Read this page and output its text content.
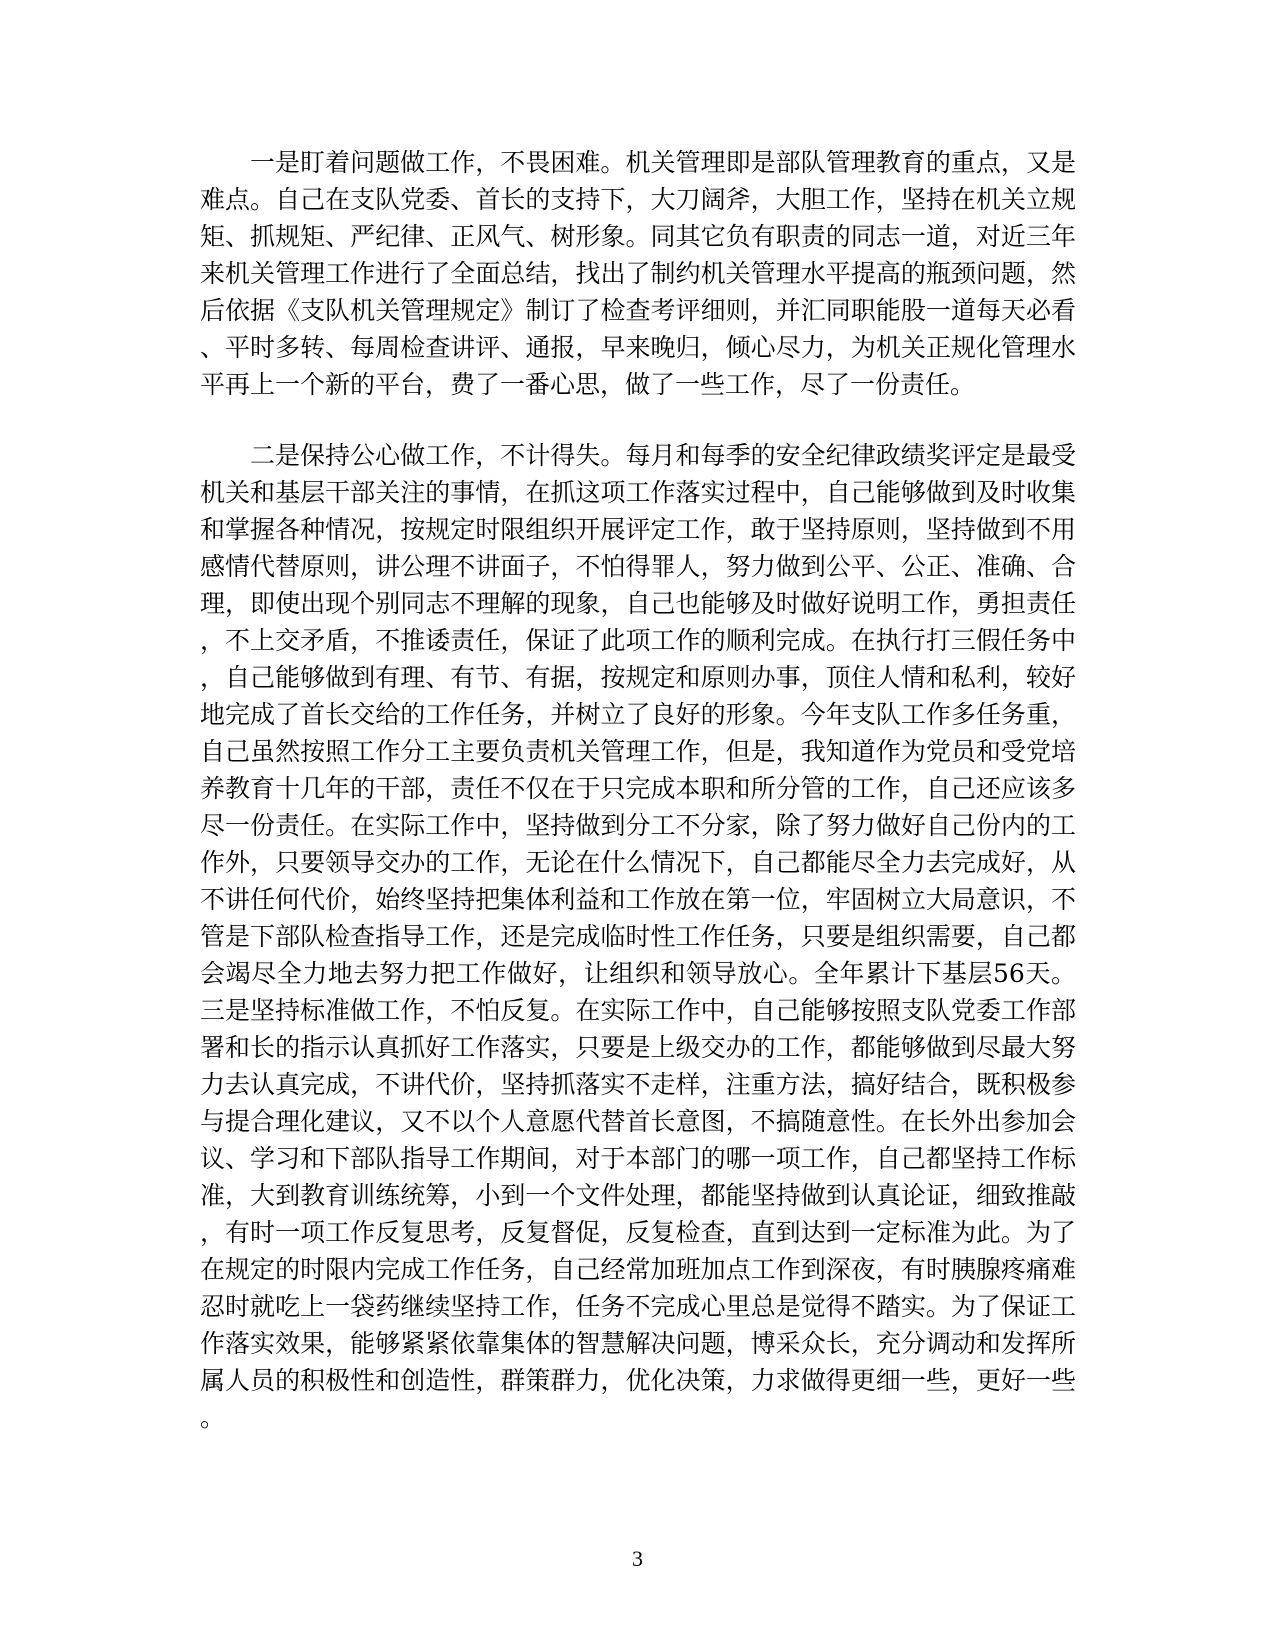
一是盯着问题做工作，不畏困难。机关管理即是部队管理教育的重点，又是难点。自己在支队党委、首长的支持下，大刀阔斧，大胆工作，坚持在机关立规矩、抓规矩、严纪律、正风气、树形象。同其它负有职责的同志一道，对近三年来机关管理工作进行了全面总结，找出了制约机关管理水平提高的瓶颈问题，然后依据《支队机关管理规定》制订了检查考评细则，并汇同职能股一道每天必看、平时多转、每周检查讲评、通报，早来晚归，倾心尽力，为机关正规化管理水平再上一个新的平台，费了一番心思，做了一些工作，尽了一份责任。

二是保持公心做工作，不计得失。每月和每季的安全纪律政绩奖评定是最受机关和基层干部关注的事情，在抓这项工作落实过程中，自己能够做到及时收集和掌握各种情况，按规定时限组织开展评定工作，敢于坚持原则，坚持做到不用感情代替原则，讲公理不讲面子，不怕得罪人，努力做到公平、公正、准确、合理，即使出现个别同志不理解的现象，自己也能够及时做好说明工作，勇担责任，不上交矛盾，不推诿责任，保证了此项工作的顺利完成。在执行打三假任务中，自己能够做到有理、有节、有据，按规定和原则办事，顶住人情和私利，较好地完成了首长交给的工作任务，并树立了良好的形象。今年支队工作多任务重，自己虽然按照工作分工主要负责机关管理工作，但是，我知道作为党员和受党培养教育十几年的干部，责任不仅在于只完成本职和所分管的工作，自己还应该多尽一份责任。在实际工作中，坚持做到分工不分家，除了努力做好自己份内的工作外，只要领导交办的工作，无论在什么情况下，自己都能尽全力去完成好，从不讲任何代价，始终坚持把集体利益和工作放在第一位，牢固树立大局意识，不管是下部队检查指导工作，还是完成临时性工作任务，只要是组织需要，自己都会竭尽全力地去努力把工作做好，让组织和领导放心。全年累计下基层56天。三是坚持标准做工作，不怕反复。在实际工作中，自己能够按照支队党委工作部署和长的指示认真抓好工作落实，只要是上级交办的工作，都能够做到尽最大努力去认真完成，不讲代价，坚持抓落实不走样，注重方法，搞好结合，既积极参与提合理化建议，又不以个人意愿代替首长意图，不搞随意性。在长外出参加会议、学习和下部队指导工作期间，对于本部门的哪一项工作，自己都坚持工作标准，大到教育训练统筹，小到一个文件处理，都能坚持做到认真论证，细致推敲，有时一项工作反复思考，反复督促，反复检查，直到达到一定标准为此。为了在规定的时限内完成工作任务，自己经常加班加点工作到深夜，有时胰腺疼痛难忍时就吃上一袋药继续坚持工作，任务不完成心里总是觉得不踏实。为了保证工作落实效果，能够紧紧依靠集体的智慧解决问题，博采众长，充分调动和发挥所属人员的积极性和创造性，群策群力，优化决策，力求做得更细一些，更好一些。

3
